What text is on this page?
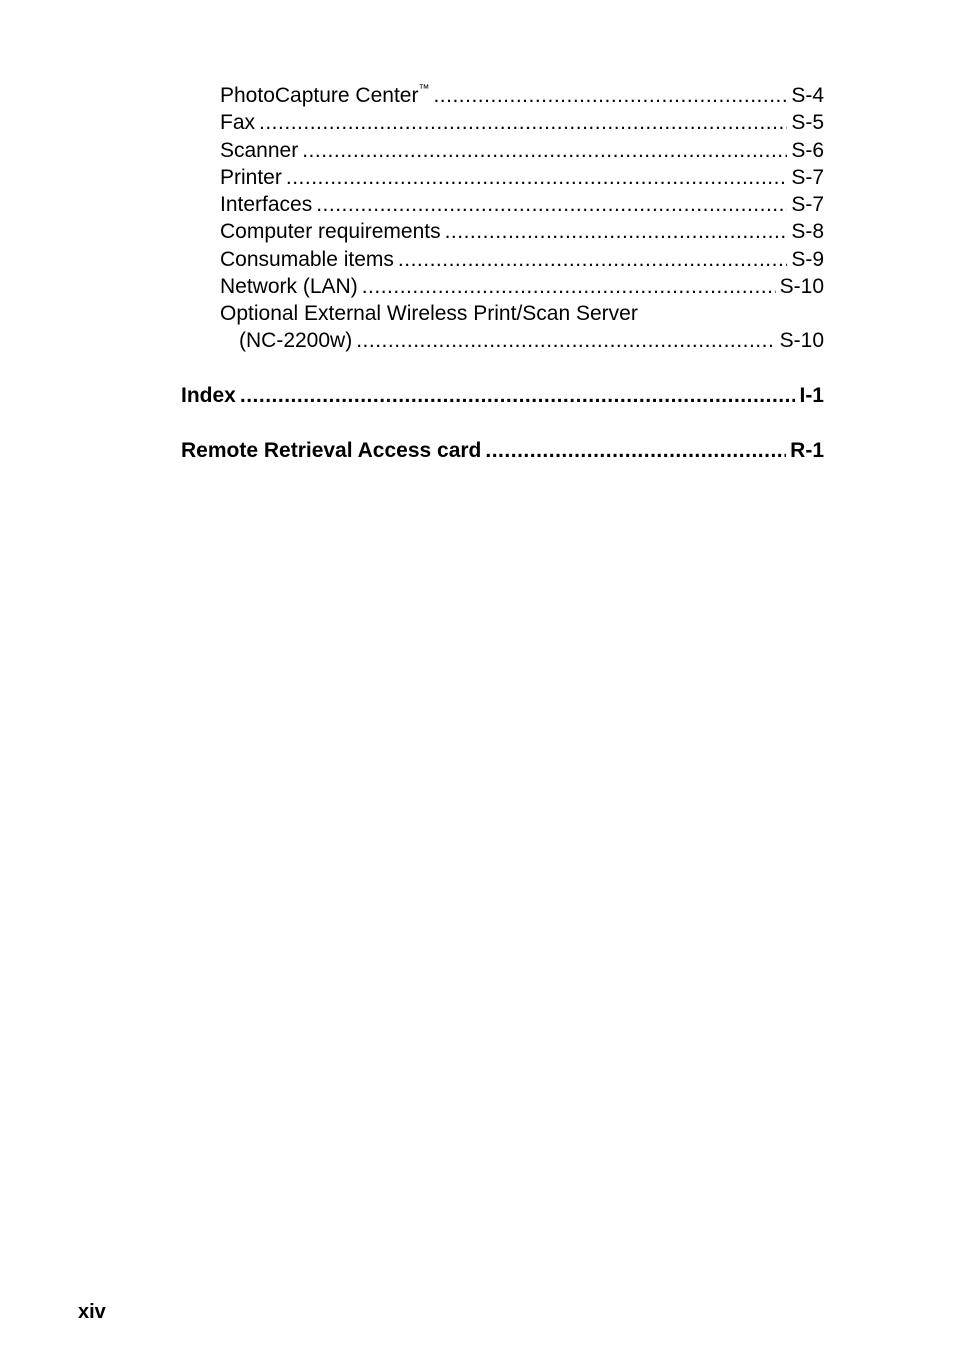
PhotoCapture Center™ .....	S-4
Fax .....	S-5
Scanner .....	S-6
Printer .....	S-7
Interfaces .....	S-7
Computer requirements .....	S-8
Consumable items .....	S-9
Network (LAN) .....	S-10
Optional External Wireless Print/Scan Server
(NC-2200w) .....	S-10
Index .....	I-1
Remote Retrieval Access card .....	R-1
xiv
